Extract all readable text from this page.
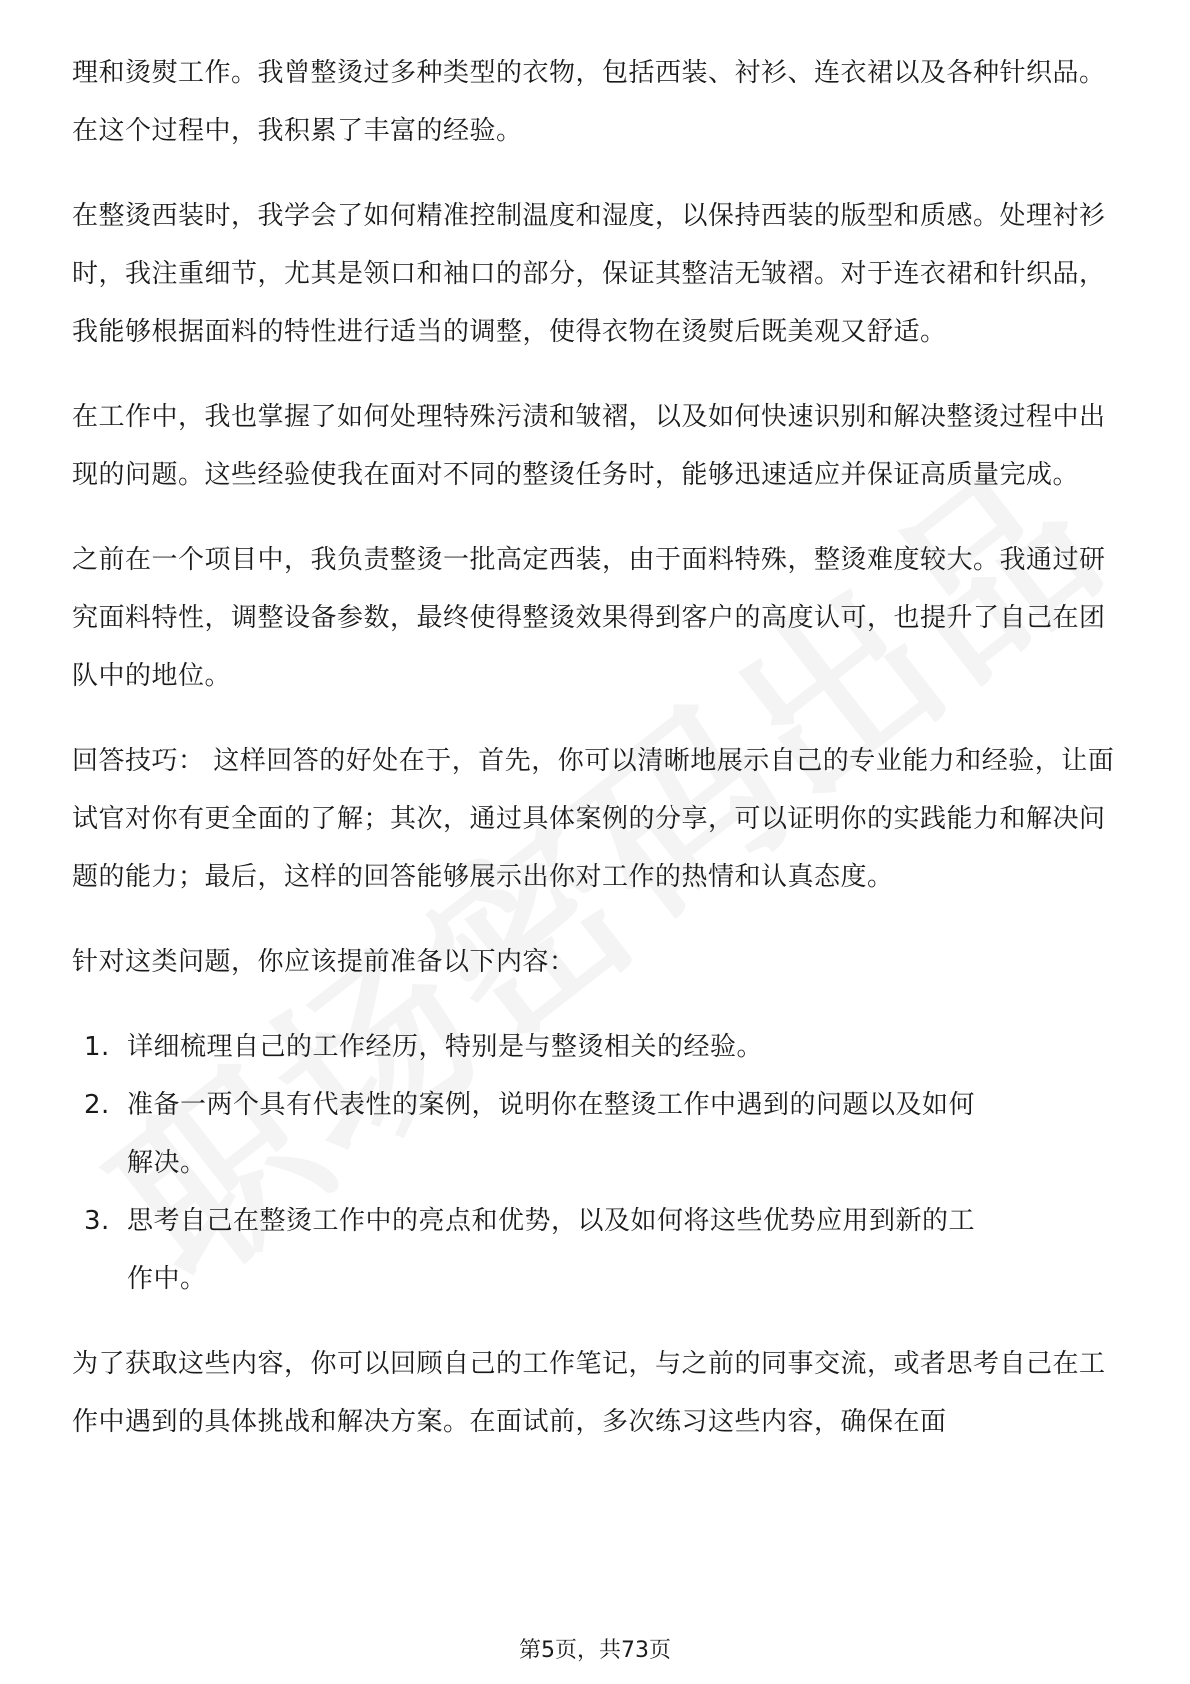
理和烫熨工作。我曾整烫过多种类型的衣物，包括西装、衬衫、连衣裙以及各种针织品。在这个过程中，我积累了丰富的经验。

在整烫西装时，我学会了如何精准控制温度和湿度，以保持西装的版型和质感。处理衬衫时，我注重细节，尤其是领口和袖口的部分，保证其整洁无皱褶。对于连衣裙和针织品，我能够根据面料的特性进行适当的调整，使得衣物在烫熨后既美观又舒适。

在工作中，我也掌握了如何处理特殊污渍和皱褶，以及如何快速识别和解决整烫过程中出现的问题。这些经验使我在面对不同的整烫任务时，能够迅速适应并保证高质量完成。

之前在一个项目中，我负责整烫一批高定西装，由于面料特殊，整烫难度较大。我通过研究面料特性，调整设备参数，最终使得整烫效果得到客户的高度认可，也提升了自己在团队中的地位。

回答技巧： 这样回答的好处在于，首先，你可以清晰地展示自己的专业能力和经验，让面试官对你有更全面的了解；其次，通过具体案例的分享，可以证明你的实践能力和解决问题的能力；最后，这样的回答能够展示出你对工作的热情和认真态度。

针对这类问题，你应该提前准备以下内容：

1. 详细梳理自己的工作经历，特别是与整烫相关的经验。
2. 准备一两个具有代表性的案例，说明你在整烫工作中遇到的问题以及如何解决。
3. 思考自己在整烫工作中的亮点和优势，以及如何将这些优势应用到新的工作中。

为了获取这些内容，你可以回顾自己的工作笔记，与之前的同事交流，或者思考自己在工作中遇到的具体挑战和解决方案。在面试前，多次练习这些内容，确保在面

第5页，共73页
